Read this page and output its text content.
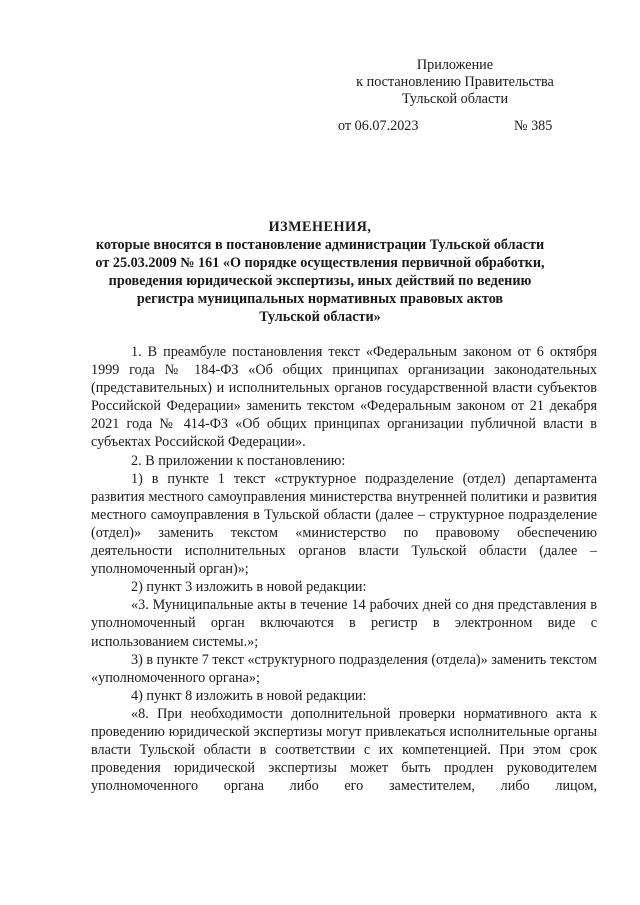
Приложение
к постановлению Правительства
Тульской области
от 06.07.2023	№ 385
ИЗМЕНЕНИЯ,
которые вносятся в постановление администрации Тульской области
от 25.03.2009 № 161 «О порядке осуществления первичной обработки,
проведения юридической экспертизы, иных действий по ведению
регистра муниципальных нормативных правовых актов
Тульской области»

1. В преамбуле постановления текст «Федеральным законом от 6 октября 1999 года № 184-ФЗ «Об общих принципах организации законодательных (представительных) и исполнительных органов государственной власти субъектов Российской Федерации» заменить текстом «Федеральным законом от 21 декабря 2021 года № 414-ФЗ «Об общих принципах организации публичной власти в субъектах Российской Федерации».

2. В приложении к постановлению:

1) в пункте 1 текст «структурное подразделение (отдел) департамента развития местного самоуправления министерства внутренней политики и развития местного самоуправления в Тульской области (далее – структурное подразделение (отдел)» заменить текстом «министерство по правовому обеспечению деятельности исполнительных органов власти Тульской области (далее – уполномоченный орган)»;

2) пункт 3 изложить в новой редакции:

«3. Муниципальные акты в течение 14 рабочих дней со дня представления в уполномоченный орган включаются в регистр в электронном виде с использованием системы.»;

3) в пункте 7 текст «структурного подразделения (отдела)» заменить текстом «уполномоченного органа»;

4) пункт 8 изложить в новой редакции:

«8. При необходимости дополнительной проверки нормативного акта к проведению юридической экспертизы могут привлекаться исполнительные органы власти Тульской области в соответствии с их компетенцией. При этом срок проведения юридической экспертизы может быть продлен руководителем уполномоченного органа либо его заместителем, либо лицом,
